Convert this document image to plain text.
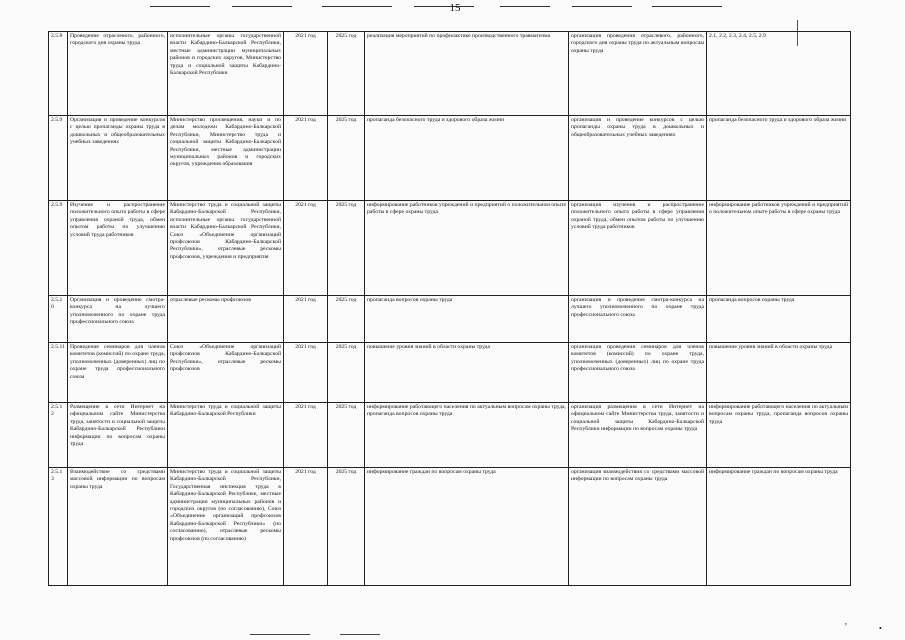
15
2.5.8	Проведение отраслевого, районного, городского дня охраны труда	исполнительные органы государственной власти Кабардино-Балкарской Республики, местные администрации муниципальных районов и городских округов, Министерство труда и социальной защиты Кабардино-Балкарской Республики	2021 год	2025 год	реализация мероприятий по профилактике производственного травматизма	организация проведения отраслевого, районного, городского дня охраны труда по актуальным вопросам охраны труда	2.1, 2.2, 2.3, 2.4, 2.5, 2.9
2.5.9	Организация и проведение конкурсов с целью пропаганды охраны труда в дошкольных и общеобразовательных учебных заведениях	Министерство просвещения, науки и по делам молодежи Кабардино-Балкарской Республики, Министерство труда и социальной защиты Кабардино-Балкарской Республики, местные администрации муниципальных районов и городских округов, учреждения образования	2021 год	2025 год	пропаганда безопасного труда и здорового образа жизни	организация и проведение конкурсов с целью пропаганды охраны труда в дошкольных и общеобразовательных учебных заведениях	пропаганда безопасного труда и здорового образа жизни
2.5.9	Изучение и распространение положительного опыта работы в сфере управления охраной труда, обмен опытом работы по улучшению условий труда работников	Министерство труда и социальной защиты Кабардино-Балкарской Республики, исполнительные органы государственной власти Кабардино-Балкарской Республики, Союз «Объединение организаций профсоюзов Кабардино-Балкарской Республики», отраслевые рескомы профсоюзов, учреждения и предприятия	2021 год	2025 год	информирование работников учреждений и предприятий о положительном опыте работы в сфере охраны труда	организация изучения и распространение положительного опыта работы в сфере управления охраной труда, обмен опытом работы по улучшению условий труда работников	информирование работников учреждений и предприятий о положительном опыте работы в сфере охраны труда
2.5.10	Организация и проведение смотра-конкурса на лучшего уполномоченного по охране труда профессионального союза	отраслевые рескомы профсоюзов	2021 год	2025 год	пропаганда вопросов охраны труда	организация и проведение смотра-конкурса на лучшего уполномоченного по охране труда профессионального союза	пропаганда вопросов охраны труда
2.5.11	Проведение семинаров для членов комитетов (комиссий) по охране труда, уполномоченных (доверенных) лиц по охране труда профессионального союза	Союз «Объединение организаций профсоюзов Кабардино-Балкарской Республики», отраслевые рескомы профсоюзов	2021 год	2025 год	повышение уровня знаний в области охраны труда	организация проведения семинаров для членов комитетов (комиссий) по охране труда, уполномоченных (доверенных) лиц по охране труда профессионального союза	повышение уровня знаний в области охраны труда
2.5.12	Размещение в сети Интернет на официальном сайте Министерства труда, занятости и социальной защиты Кабардино-Балкарской Республики информации по вопросам охраны труда	Министерство труда и социальной защиты Кабардино-Балкарской Республики	2021 год	2025 год	информирование работающего населения по актуальным вопросам охраны труда, пропаганда вопросов охраны труда	организация размещения в сети Интернет на официальном сайте Министерства труда, занятости и социальной защиты Кабардино-Балкарской Республики информации по вопросам охраны труда	информирование работающего населения по актуальным вопросам охраны труда, пропаганда вопросов охраны труда
2.5.13	Взаимодействие со средствами массовой информации по вопросам охраны труда	Министерство труда и социальной защиты Кабардино-Балкарской Республики, Государственная инспекция труда в Кабардино-Балкарской Республике, местные администрации муниципальных районов и городских округов (по согласованию), Союз «Объединение организаций профсоюзов Кабардино-Балкарской Республики» (по согласованию), отраслевые рескомы профсоюзов (по согласованию)	2021 год	2025 год	информирование граждан по вопросам охраны труда	организация взаимодействия со средствами массовой информации по вопросам охраны труда	информирование граждан по вопросам охраны труда
'	•
